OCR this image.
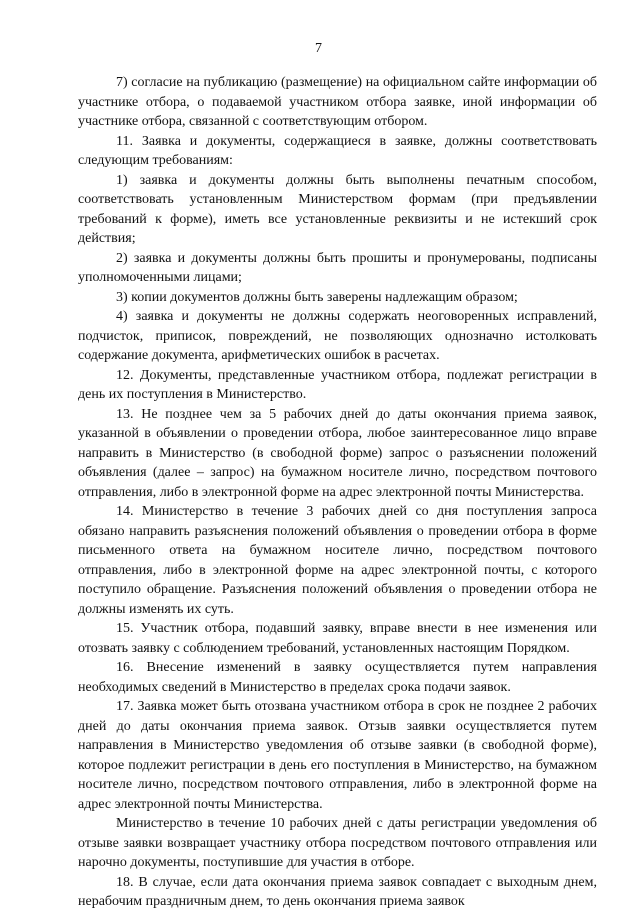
7

7) согласие на публикацию (размещение) на официальном сайте информации об участнике отбора, о подаваемой участником отбора заявке, иной информации об участнике отбора, связанной с соответствующим отбором.

11. Заявка и документы, содержащиеся в заявке, должны соответствовать следующим требованиям:

1) заявка и документы должны быть выполнены печатным способом, соответствовать установленным Министерством формам (при предъявлении требований к форме), иметь все установленные реквизиты и не истекший срок действия;

2) заявка и документы должны быть прошиты и пронумерованы, подписаны уполномоченными лицами;

3) копии документов должны быть заверены надлежащим образом;

4) заявка и документы не должны содержать неоговоренных исправлений, подчисток, приписок, повреждений, не позволяющих однозначно истолковать содержание документа, арифметических ошибок в расчетах.

12. Документы, представленные участником отбора, подлежат регистрации в день их поступления в Министерство.

13. Не позднее чем за 5 рабочих дней до даты окончания приема заявок, указанной в объявлении о проведении отбора, любое заинтересованное лицо вправе направить в Министерство (в свободной форме) запрос о разъяснении положений объявления (далее – запрос) на бумажном носителе лично, посредством почтового отправления, либо в электронной форме на адрес электронной почты Министерства.

14. Министерство в течение 3 рабочих дней со дня поступления запроса обязано направить разъяснения положений объявления о проведении отбора в форме письменного ответа на бумажном носителе лично, посредством почтового отправления, либо в электронной форме на адрес электронной почты, с которого поступило обращение. Разъяснения положений объявления о проведении отбора не должны изменять их суть.

15. Участник отбора, подавший заявку, вправе внести в нее изменения или отозвать заявку с соблюдением требований, установленных настоящим Порядком.

16. Внесение изменений в заявку осуществляется путем направления необходимых сведений в Министерство в пределах срока подачи заявок.

17. Заявка может быть отозвана участником отбора в срок не позднее 2 рабочих дней до даты окончания приема заявок. Отзыв заявки осуществляется путем направления в Министерство уведомления об отзыве заявки (в свободной форме), которое подлежит регистрации в день его поступления в Министерство, на бумажном носителе лично, посредством почтового отправления, либо в электронной форме на адрес электронной почты Министерства.

Министерство в течение 10 рабочих дней с даты регистрации уведомления об отзыве заявки возвращает участнику отбора посредством почтового отправления или нарочно документы, поступившие для участия в отборе.

18. В случае, если дата окончания приема заявок совпадает с выходным днем, нерабочим праздничным днем, то день окончания приема заявок
